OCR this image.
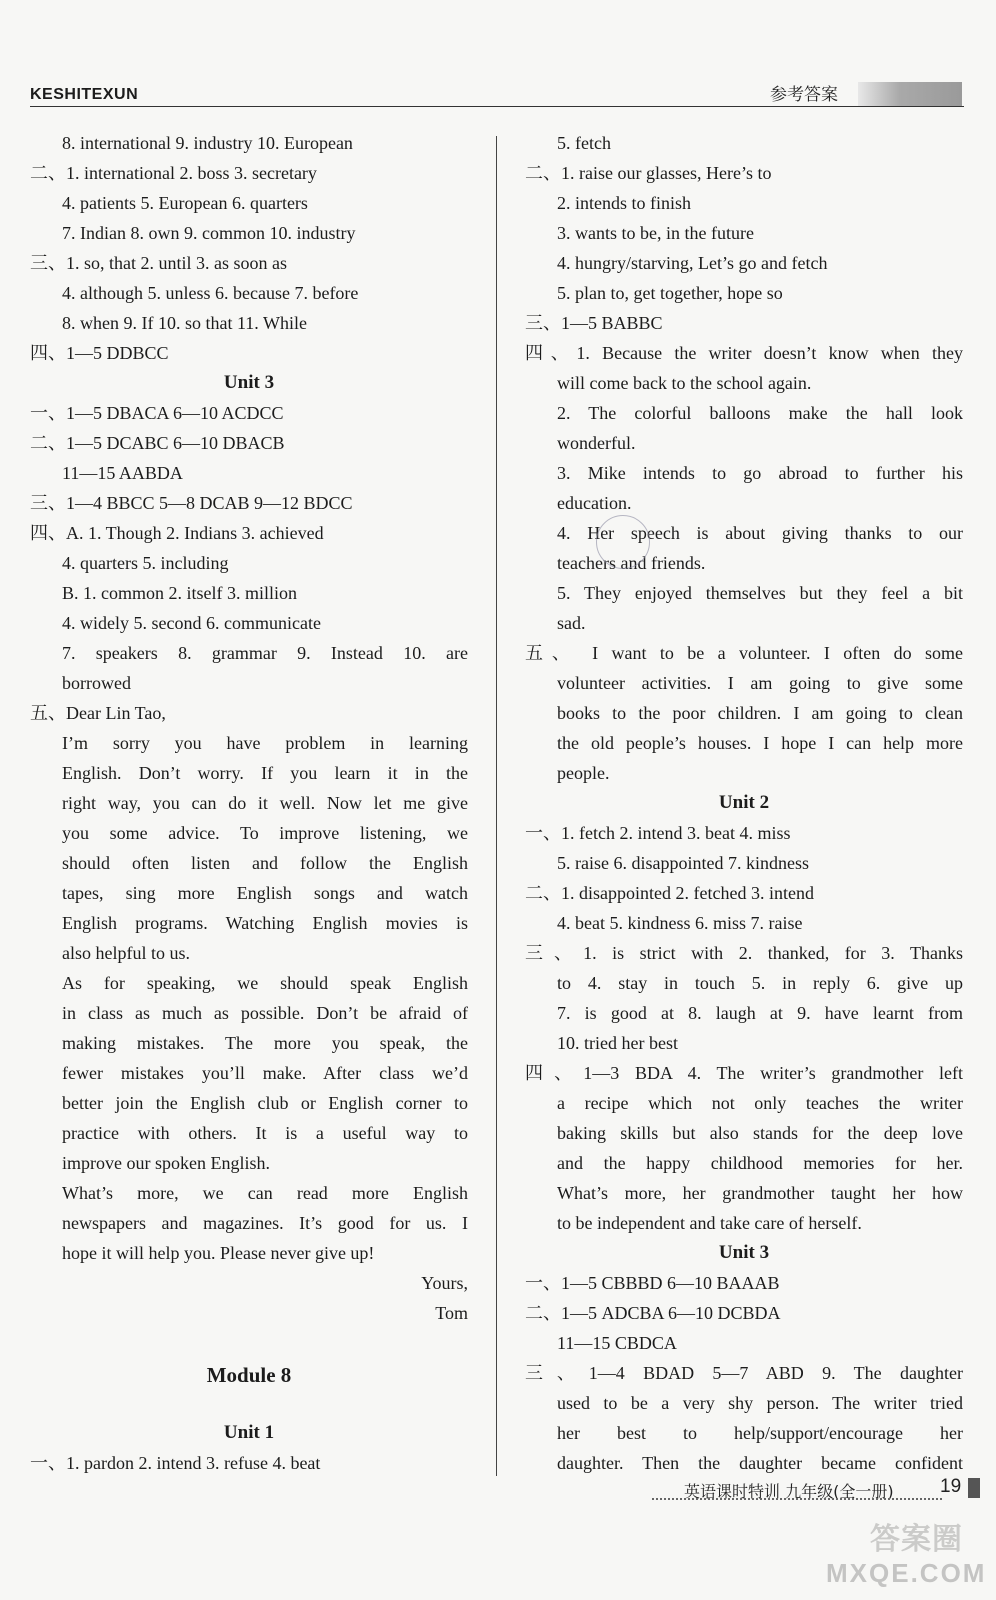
KESHITEXUN	参考答案
8. international 9. industry 10. European
二、1. international 2. boss 3. secretary
4. patients 5. European 6. quarters
7. Indian 8. own 9. common 10. industry
三、1. so, that 2. until 3. as soon as
4. although 5. unless 6. because 7. before
8. when 9. If 10. so that 11. While
四、1—5 DDBCC
Unit 3
一、1—5 DBACA 6—10 ACDCC
二、1—5 DCABC 6—10 DBACB
11—15 AABDA
三、1—4 BBCC 5—8 DCAB 9—12 BDCC
四、A. 1. Though 2. Indians 3. achieved
4. quarters 5. including
B. 1. common 2. itself 3. million
4. widely 5. second 6. communicate
7. speakers 8. grammar 9. Instead 10. are
borrowed
五、Dear Lin Tao,
I’m sorry you have problem in learning
English. Don’t worry. If you learn it in the
right way, you can do it well. Now let me give
you some advice. To improve listening, we
should often listen and follow the English
tapes, sing more English songs and watch
English programs. Watching English movies is
also helpful to us.
As for speaking, we should speak English
in class as much as possible. Don’t be afraid of
making mistakes. The more you speak, the
fewer mistakes you’ll make. After class we’d
better join the English club or English corner to
practice with others. It is a useful way to
improve our spoken English.
What’s more, we can read more English
newspapers and magazines. It’s good for us. I
hope it will help you. Please never give up!
Yours,
Tom
Module 8
Unit 1
一、1. pardon 2. intend 3. refuse 4. beat
5. fetch
二、1. raise our glasses, Here’s to
2. intends to finish
3. wants to be, in the future
4. hungry/starving, Let’s go and fetch
5. plan to, get together, hope so
三、1—5 BABBC
四、1. Because the writer doesn’t know when they
will come back to the school again.
2. The colorful balloons make the hall look
wonderful.
3. Mike intends to go abroad to further his
education.
4. Her speech is about giving thanks to our
teachers and friends.
5. They enjoyed themselves but they feel a bit
sad.
五、 I want to be a volunteer. I often do some
volunteer activities. I am going to give some
books to the poor children. I am going to clean
the old people’s houses. I hope I can help more
people.
Unit 2
一、1. fetch 2. intend 3. beat 4. miss
5. raise 6. disappointed 7. kindness
二、1. disappointed 2. fetched 3. intend
4. beat 5. kindness 6. miss 7. raise
三、1. is strict with 2. thanked, for 3. Thanks
to 4. stay in touch 5. in reply 6. give up
7. is good at 8. laugh at 9. have learnt from
10. tried her best
四、1—3 BDA 4. The writer’s grandmother left
a recipe which not only teaches the writer
baking skills but also stands for the deep love
and the happy childhood memories for her.
What’s more, her grandmother taught her how
to be independent and take care of herself.
Unit 3
一、1—5 CBBBD 6—10 BAAAB
二、1—5 ADCBA 6—10 DCBDA
11—15 CBDCA
三、1—4 BDAD 5—7 ABD 9. The daughter
used to be a very shy person. The writer tried
her best to help/support/encourage her
daughter. Then the daughter became confident
英语课时特训 九年级(全一册) 19
答案圈
MXQE.COM
